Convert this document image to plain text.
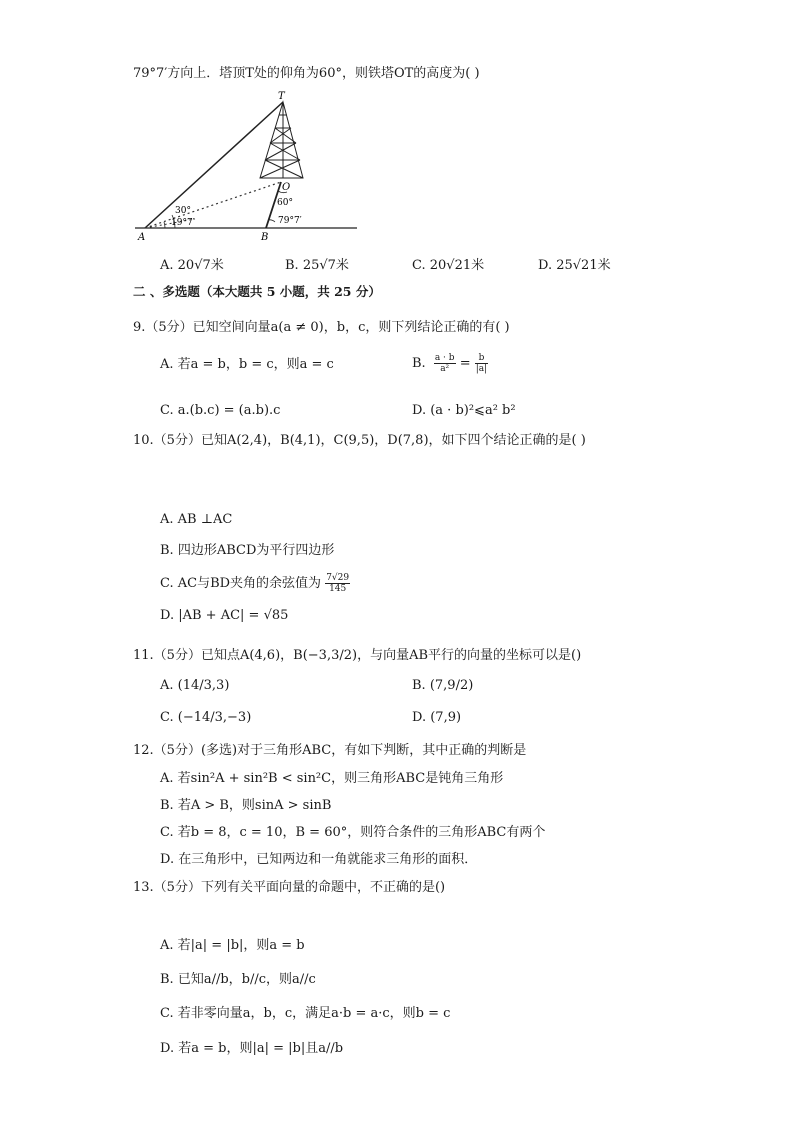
79°7′方向上．塔顶T处的仰角为60°，则铁塔OT的高度为( )
T
O
A	B
30°
19°7′
60°
79°7′
A. 20√7米	B. 25√7米	C. 20√21米	D. 25√21米
二 、多选题（本大题共 5 小题，共 25 分）
9.（5分）已知空间向量a(a ≠ 0)，b，c，则下列结论正确的有( )
A. 若a = b，b = c，则a = c	B. $\frac{a \cdot b}{\text{a²}} = \frac{b}{|a|}$
C. a.(b.c) = (a.b).c	D. (a · b)²⩽a² b²
10.（5分）已知A(2,4)，B(4,1)，C(9,5)，D(7,8)，如下四个结论正确的是( )
A. AB ⊥AC
B. 四边形ABCD为平行四边形
C. AC与BD夹角的余弦值为 $\frac{7√29}{145}$
D. |AB + AC| = √85
11.（5分）已知点A(4,6)，B(−3,3/2)，与向量AB平行的向量的坐标可以是()
A. (14/3,3)	B. (7,9/2)
C. (−14/3,−3)	D. (7,9)
12.（5分）(多选)对于三角形ABC，有如下判断，其中正确的判断是
A. 若sin²A + sin²B < sin²C，则三角形ABC是钝角三角形
B. 若A > B，则sinA > sinB
C. 若b = 8，c = 10，B = 60°，则符合条件的三角形ABC有两个
D. 在三角形中，已知两边和一角就能求三角形的面积．
13.（5分）下列有关平面向量的命题中，不正确的是()
A. 若|a| = |b|，则a = b
B. 已知a//b，b//c，则a//c
C. 若非零向量a，b，c，满足a·b = a·c，则b = c
D. 若a = b，则|a| = |b|且a//b
